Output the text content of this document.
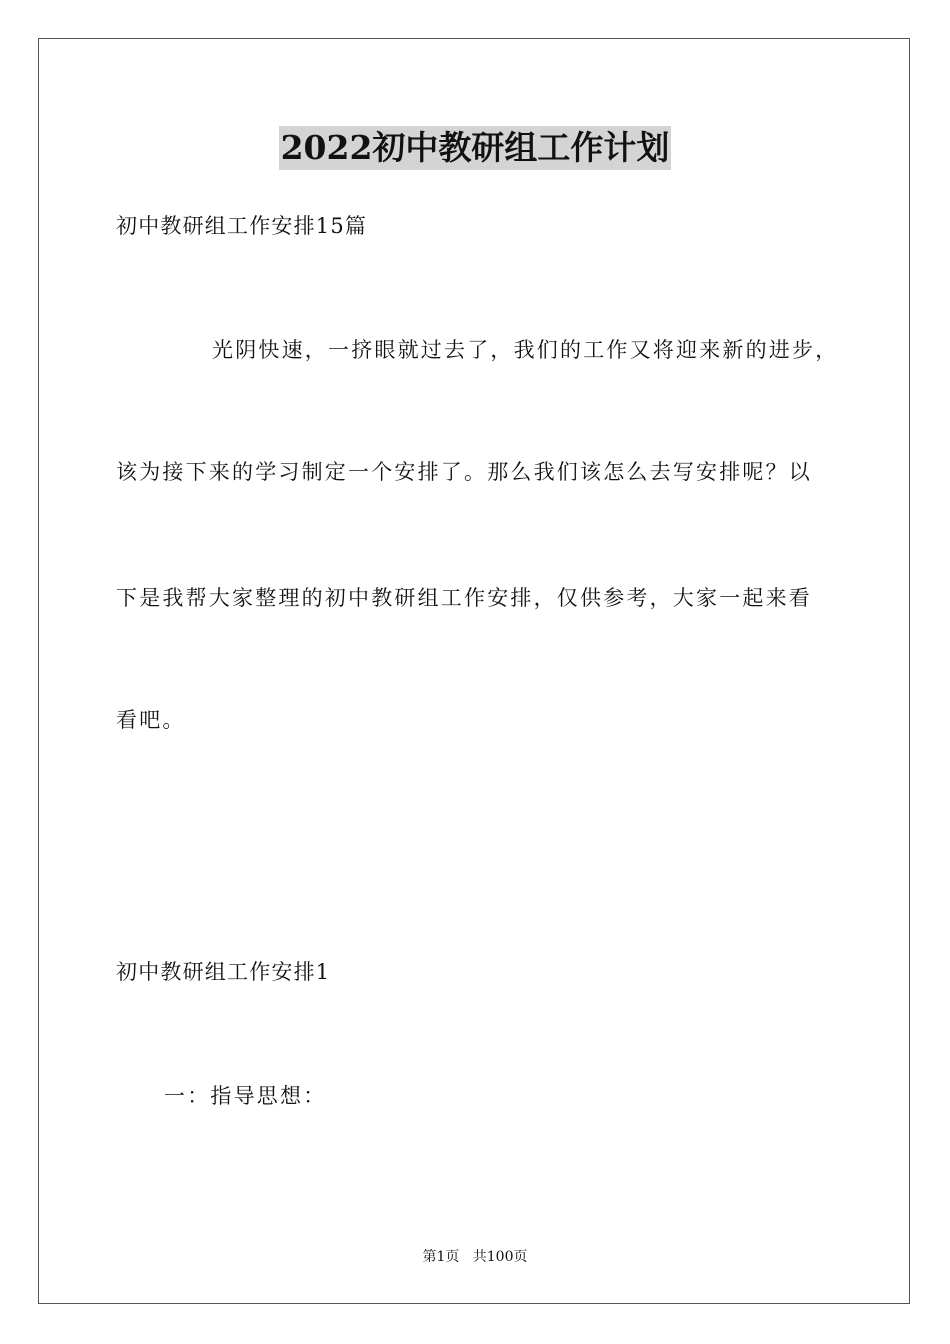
2022初中教研组工作计划
初中教研组工作安排15篇
光阴快速，一挤眼就过去了，我们的工作又将迎来新的进步，
该为接下来的学习制定一个安排了。那么我们该怎么去写安排呢？以
下是我帮大家整理的初中教研组工作安排，仅供参考，大家一起来看
看吧。
初中教研组工作安排1
一：指导思想：
第1页   共100页
